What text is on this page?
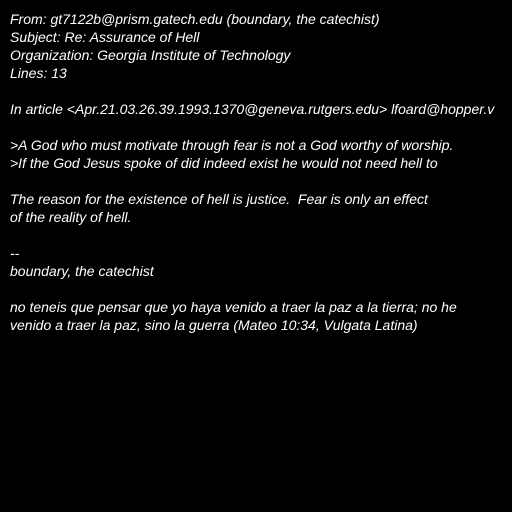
From: gt7122b@prism.gatech.edu (boundary, the catechist)
Subject: Re: Assurance of Hell
Organization: Georgia Institute of Technology
Lines: 13
In article <Apr.21.03.26.39.1993.1370@geneva.rutgers.edu> lfoard@hopper.v
>A God who must motivate through fear is not a God worthy of worship.
>If the God Jesus spoke of did indeed exist he would not need hell to
The reason for the existence of hell is justice.  Fear is only an effect
of the reality of hell.
--
boundary, the catechist
no teneis que pensar que yo haya venido a traer la paz a la tierra; no he
venido a traer la paz, sino la guerra (Mateo 10:34, Vulgata Latina)
